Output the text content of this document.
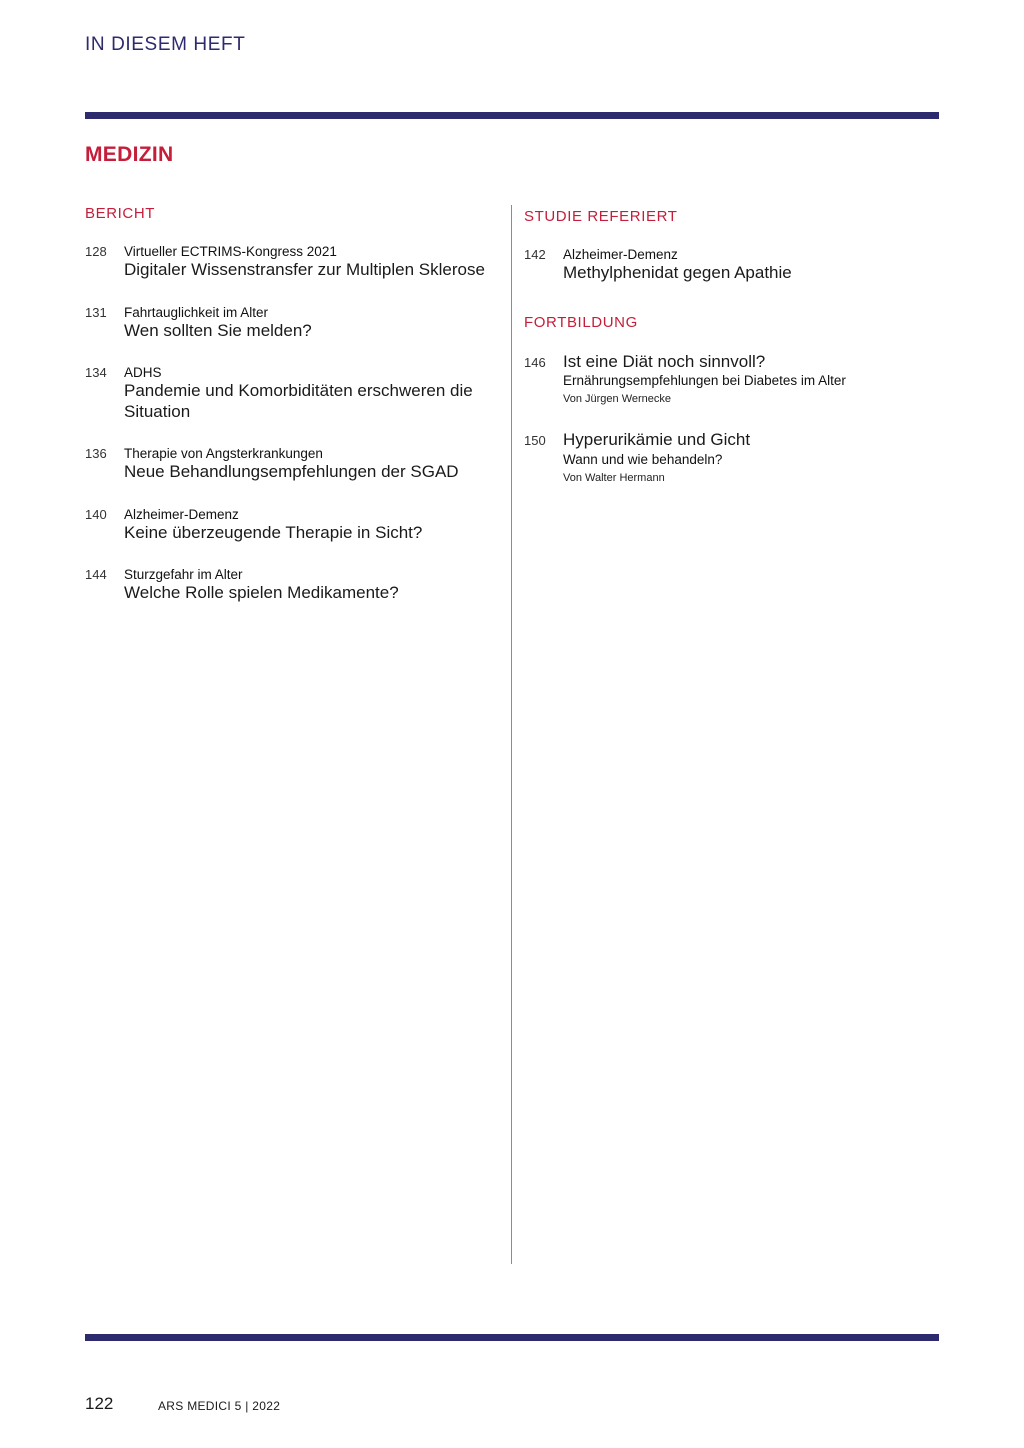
IN DIESEM HEFT
MEDIZIN
BERICHT
128 Virtueller ECTRIMS-Kongress 2021
Digitaler Wissenstransfer zur Multiplen Sklerose
131 Fahrtauglichkeit im Alter
Wen sollten Sie melden?
134 ADHS
Pandemie und Komorbiditäten erschweren die Situation
136 Therapie von Angsterkrankungen
Neue Behandlungsempfehlungen der SGAD
140 Alzheimer-Demenz
Keine überzeugende Therapie in Sicht?
144 Sturzgefahr im Alter
Welche Rolle spielen Medikamente?
STUDIE REFERIERT
142 Alzheimer-Demenz
Methylphenidat gegen Apathie
FORTBILDUNG
146 Ist eine Diät noch sinnvoll?
Ernährungsempfehlungen bei Diabetes im Alter
Von Jürgen Wernecke
150 Hyperurikämie und Gicht
Wann und wie behandeln?
Von Walter Hermann
122	ARS MEDICI 5 | 2022
